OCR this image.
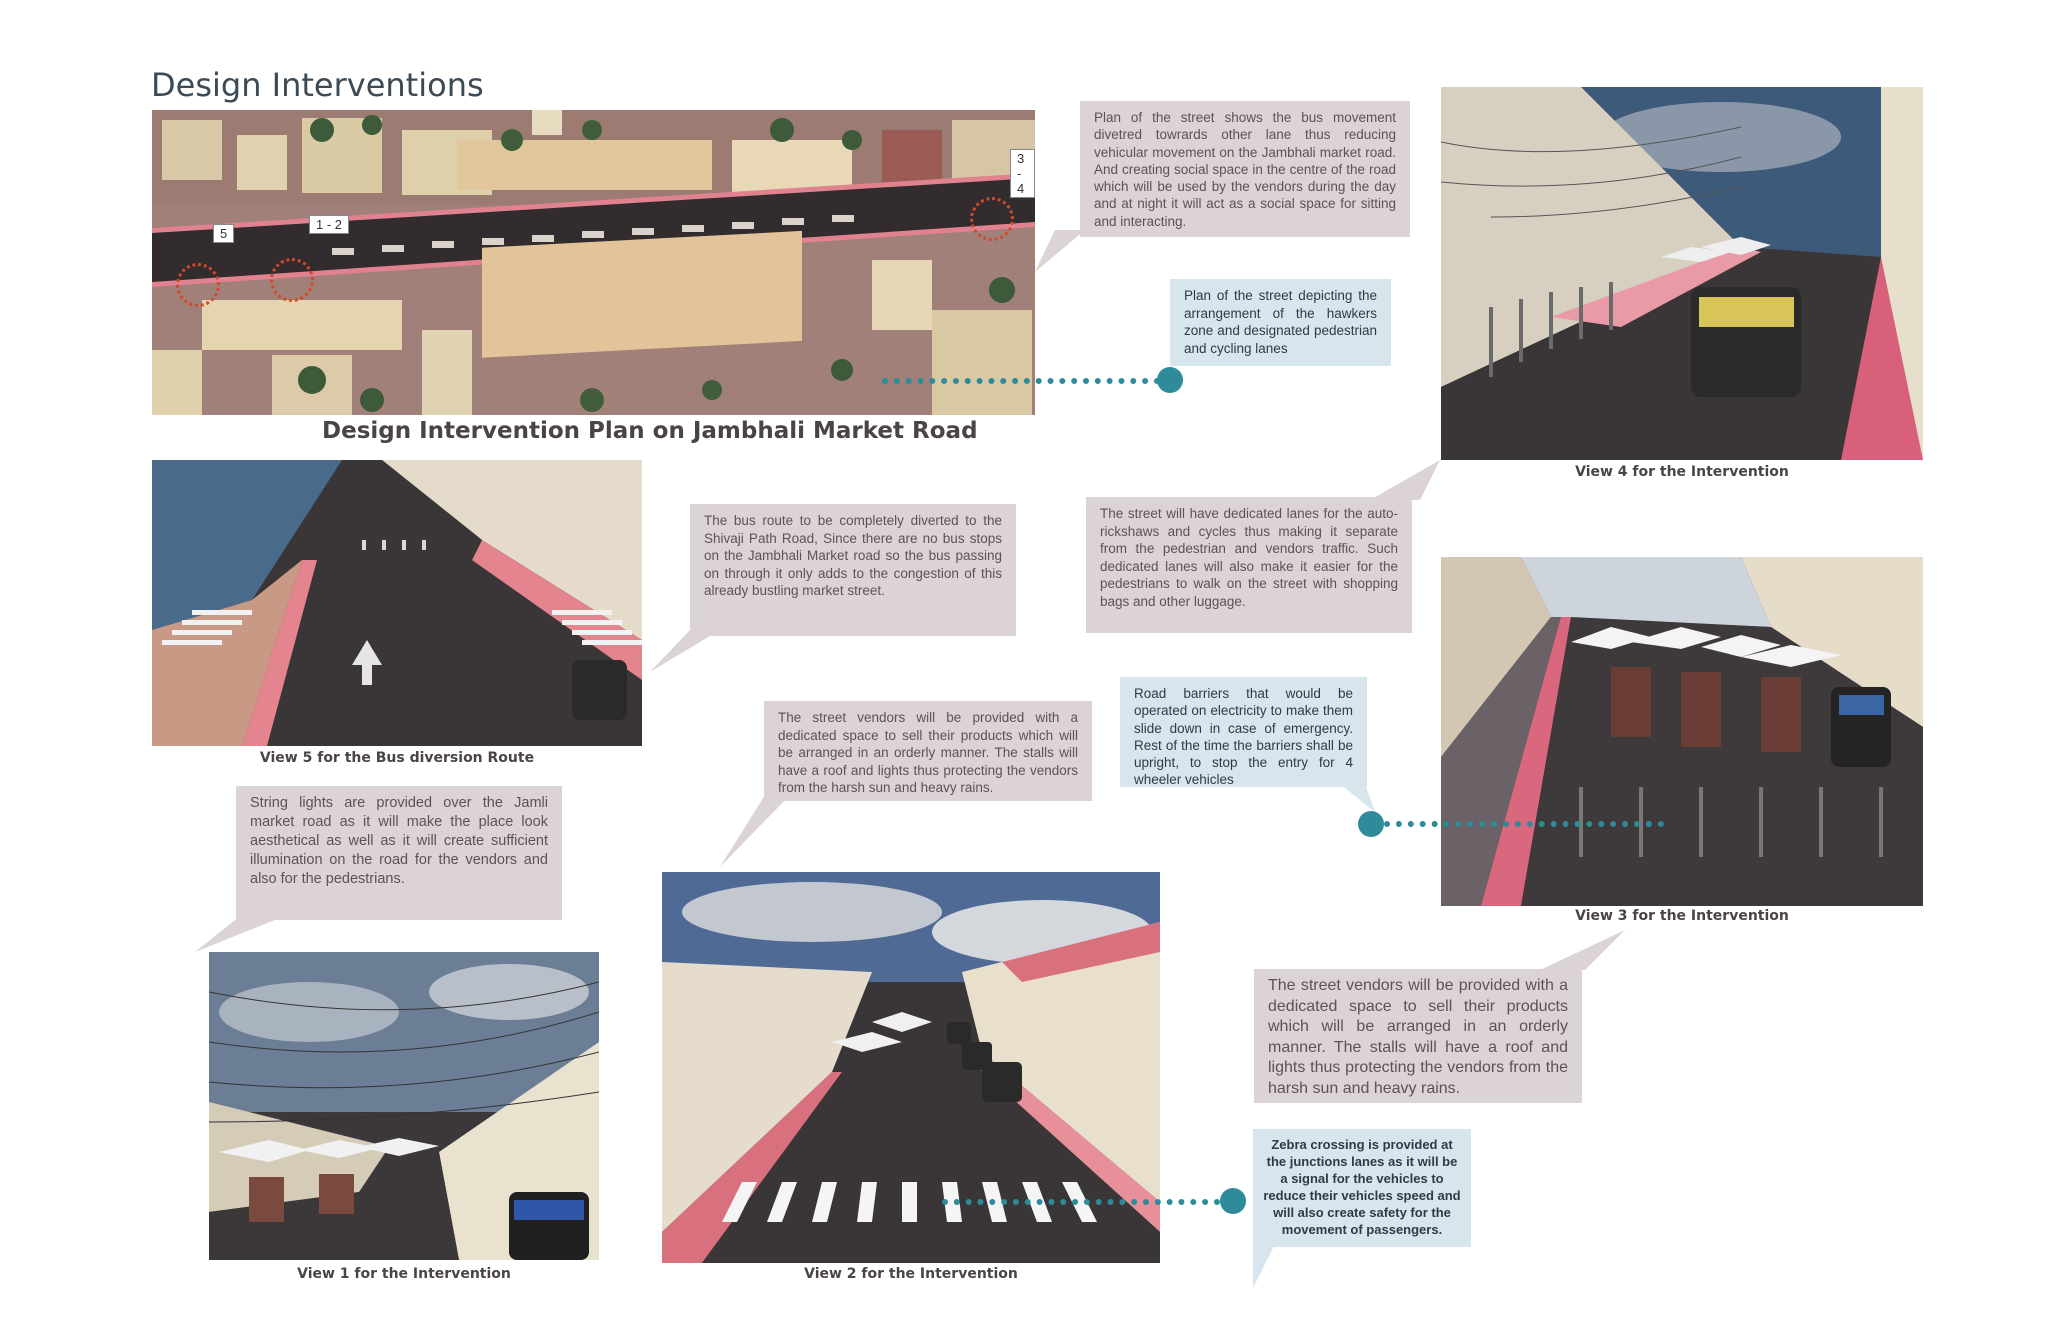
Design Interventions
5
1 - 2
3 - 4
Design Intervention Plan on Jambhali Market Road
Plan of the street shows the bus movement divetred towrards other lane thus reducing vehicular movement on the Jambhali market road. And creating social space in the centre of the road which will be used by the vendors during the day and at night it will act as a social space for sitting and interacting.
Plan of the street depicting the arrangement of the hawkers zone and designated pedestrian and cycling lanes
View 4 for the Intervention
View 5 for the Bus diversion Route
The bus route to be completely diverted to the Shivaji Path Road, Since there are no bus stops on the Jambhali Market road so the bus passing on through it only adds to the congestion of this already bustling market street.
The street will have dedicated lanes for the auto-rickshaws and cycles thus making it separate from the pedestrian and vendors traffic. Such dedicated lanes will also make it easier for the pedestrians to walk on the street with shopping bags and other luggage.
View 3 for the Intervention
Road barriers that would be operated on electricity to make them slide down in case of emergency. Rest of the time the barriers shall be upright, to stop the entry for 4 wheeler vehicles
The street vendors will be provided with a dedicated space to sell their products which will be arranged in an orderly manner. The stalls will have a roof and lights thus protecting the vendors from the harsh sun and heavy rains.
String lights are provided over the Jamli market road as it will make the place look aesthetical as well as it will create sufficient illumination on the road for the vendors and also for the pedestrians.
View 1 for the Intervention	View 2 for the Intervention
The street vendors will be provided with a dedicated space to sell their products which will be arranged in an orderly manner. The stalls will have a roof and lights thus protecting the vendors from the harsh sun and heavy rains.
Zebra crossing is provided at the junctions lanes as it will be a signal for the vehicles to reduce their vehicles speed and will also create safety for the movement of passengers.
